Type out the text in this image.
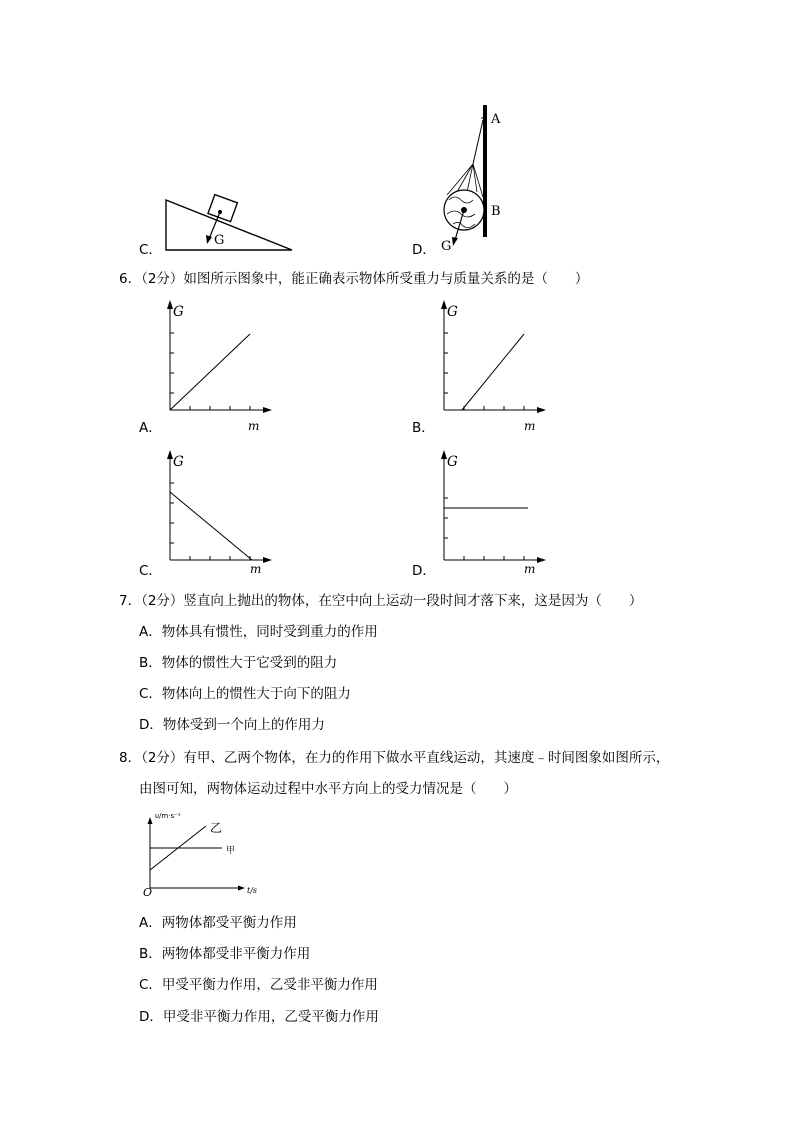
G
C．
A
B
G
D．
6．（2分）如图所示图象中，能正确表示物体所受重力与质量关系的是（　　）
G
m
A．
G
m
B．
G
m
C．
G
m
D．
7．（2分）竖直向上抛出的物体，在空中向上运动一段时间才落下来，这是因为（　　）
A．物体具有惯性，同时受到重力的作用
B．物体的惯性大于它受到的阻力
C．物体向上的惯性大于向下的阻力
D．物体受到一个向上的作用力
8．（2分）有甲、乙两个物体，在力的作用下做水平直线运动，其速度﹣时间图象如图所示，
由图可知，两物体运动过程中水平方向上的受力情况是（　　）
υ/m·s⁻¹
乙
甲
O	t/s
A．两物体都受平衡力作用
B．两物体都受非平衡力作用
C．甲受平衡力作用，乙受非平衡力作用
D．甲受非平衡力作用，乙受平衡力作用
